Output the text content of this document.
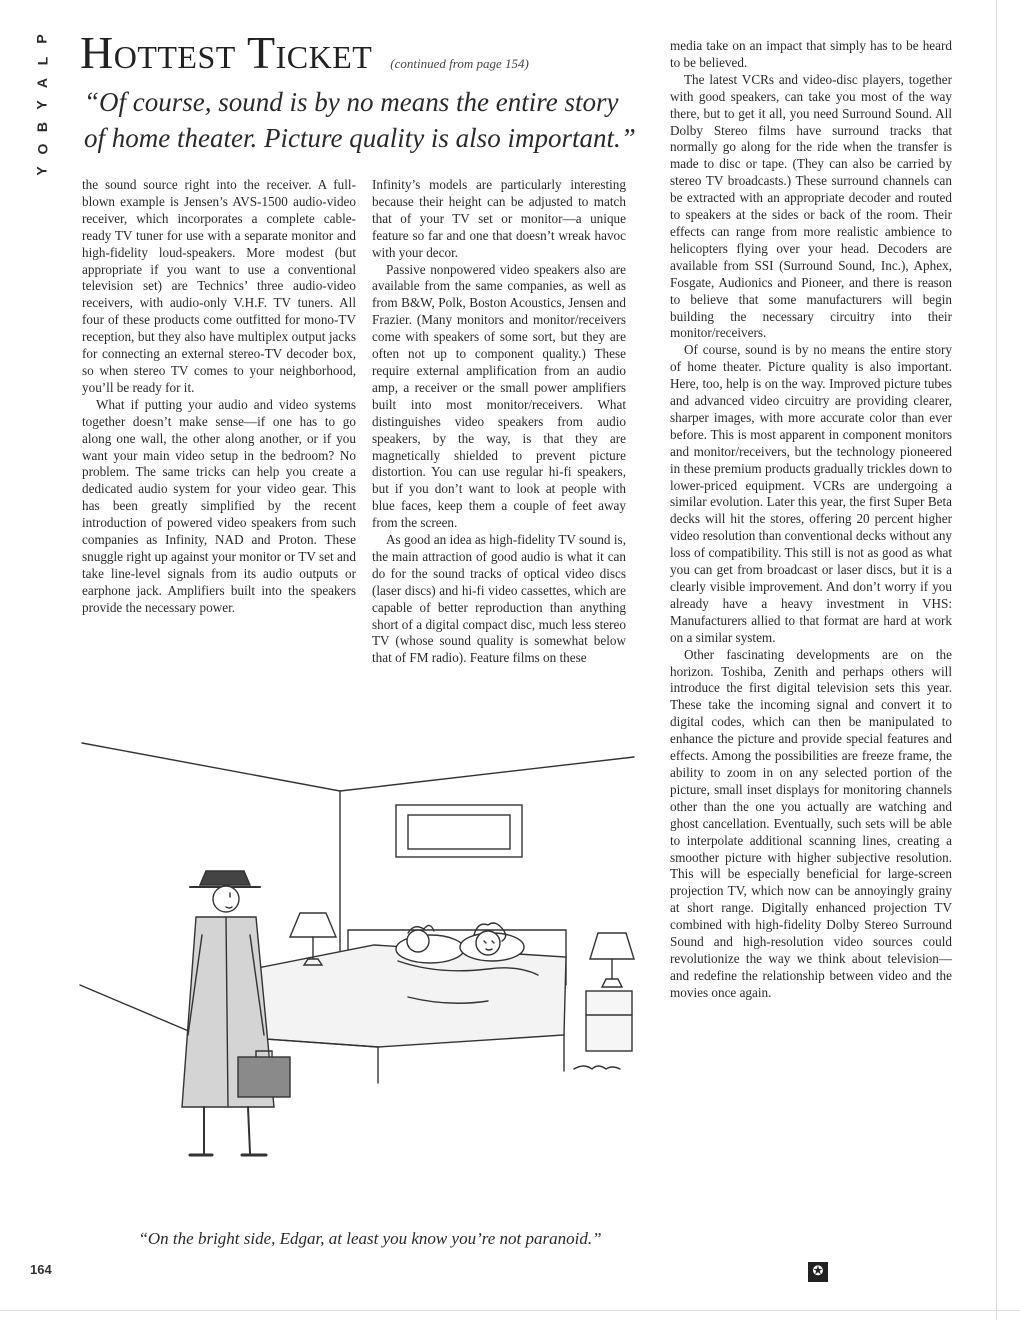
P
L
A
Y
B
O
Y
Hottest Ticket (continued from page 154)
“Of course, sound is by no means the entire story of home theater. Picture quality is also important.”

the sound source right into the receiver. A full-blown example is Jensen’s AVS-1500 audio-video receiver, which incorporates a complete cable-ready TV tuner for use with a separate monitor and high-fidelity loud-speakers. More modest (but appropriate if you want to use a conventional television set) are Technics’ three audio-video receivers, with audio-only V.H.F. TV tuners. All four of these products come outfitted for mono-TV reception, but they also have multiplex output jacks for connecting an external stereo-TV decoder box, so when stereo TV comes to your neighborhood, you’ll be ready for it.

What if putting your audio and video systems together doesn’t make sense—if one has to go along one wall, the other along another, or if you want your main video setup in the bedroom? No problem. The same tricks can help you create a dedicated audio system for your video gear. This has been greatly simplified by the recent introduction of powered video speakers from such companies as Infinity, NAD and Proton. These snuggle right up against your monitor or TV set and take line-level signals from its audio outputs or earphone jack. Amplifiers built into the speakers provide the necessary power.

Infinity’s models are particularly interesting because their height can be adjusted to match that of your TV set or monitor—a unique feature so far and one that doesn’t wreak havoc with your decor.

Passive nonpowered video speakers also are available from the same companies, as well as from B&W, Polk, Boston Acoustics, Jensen and Frazier. (Many monitors and monitor/receivers come with speakers of some sort, but they are often not up to component quality.) These require external amplification from an audio amp, a receiver or the small power amplifiers built into most monitor/receivers. What distinguishes video speakers from audio speakers, by the way, is that they are magnetically shielded to prevent picture distortion. You can use regular hi-fi speakers, but if you don’t want to look at people with blue faces, keep them a couple of feet away from the screen.

As good an idea as high-fidelity TV sound is, the main attraction of good audio is what it can do for the sound tracks of optical video discs (laser discs) and hi-fi video cassettes, which are capable of better reproduction than anything short of a digital compact disc, much less stereo TV (whose sound quality is somewhat below that of FM radio). Feature films on these

media take on an impact that simply has to be heard to be believed.

The latest VCRs and video-disc players, together with good speakers, can take you most of the way there, but to get it all, you need Surround Sound. All Dolby Stereo films have surround tracks that normally go along for the ride when the transfer is made to disc or tape. (They can also be carried by stereo TV broadcasts.) These surround channels can be extracted with an appropriate decoder and routed to speakers at the sides or back of the room. Their effects can range from more realistic ambience to helicopters flying over your head. Decoders are available from SSI (Surround Sound, Inc.), Aphex, Fosgate, Audionics and Pioneer, and there is reason to believe that some manufacturers will begin building the necessary circuitry into their monitor/receivers.

Of course, sound is by no means the entire story of home theater. Picture quality is also important. Here, too, help is on the way. Improved picture tubes and advanced video circuitry are providing clearer, sharper images, with more accurate color than ever before. This is most apparent in component monitors and monitor/receivers, but the technology pioneered in these premium products gradually trickles down to lower-priced equipment. VCRs are undergoing a similar evolution. Later this year, the first Super Beta decks will hit the stores, offering 20 percent higher video resolution than conventional decks without any loss of compatibility. This still is not as good as what you can get from broadcast or laser discs, but it is a clearly visible improvement. And don’t worry if you already have a heavy investment in VHS: Manufacturers allied to that format are hard at work on a similar system.

Other fascinating developments are on the horizon. Toshiba, Zenith and perhaps others will introduce the first digital television sets this year. These take the incoming signal and convert it to digital codes, which can then be manipulated to enhance the picture and provide special features and effects. Among the possibilities are freeze frame, the ability to zoom in on any selected portion of the picture, small inset displays for monitoring channels other than the one you actually are watching and ghost cancellation. Eventually, such sets will be able to interpolate additional scanning lines, creating a smoother picture with higher subjective resolution. This will be especially beneficial for large-screen projection TV, which now can be annoyingly grainy at short range. Digitally enhanced projection TV combined with high-fidelity Dolby Stereo Surround Sound and high-resolution video sources could revolutionize the way we think about television—and redefine the relationship between video and the movies once again.

“On the bright side, Edgar, at least you know you’re not paranoid.”
164	✪
